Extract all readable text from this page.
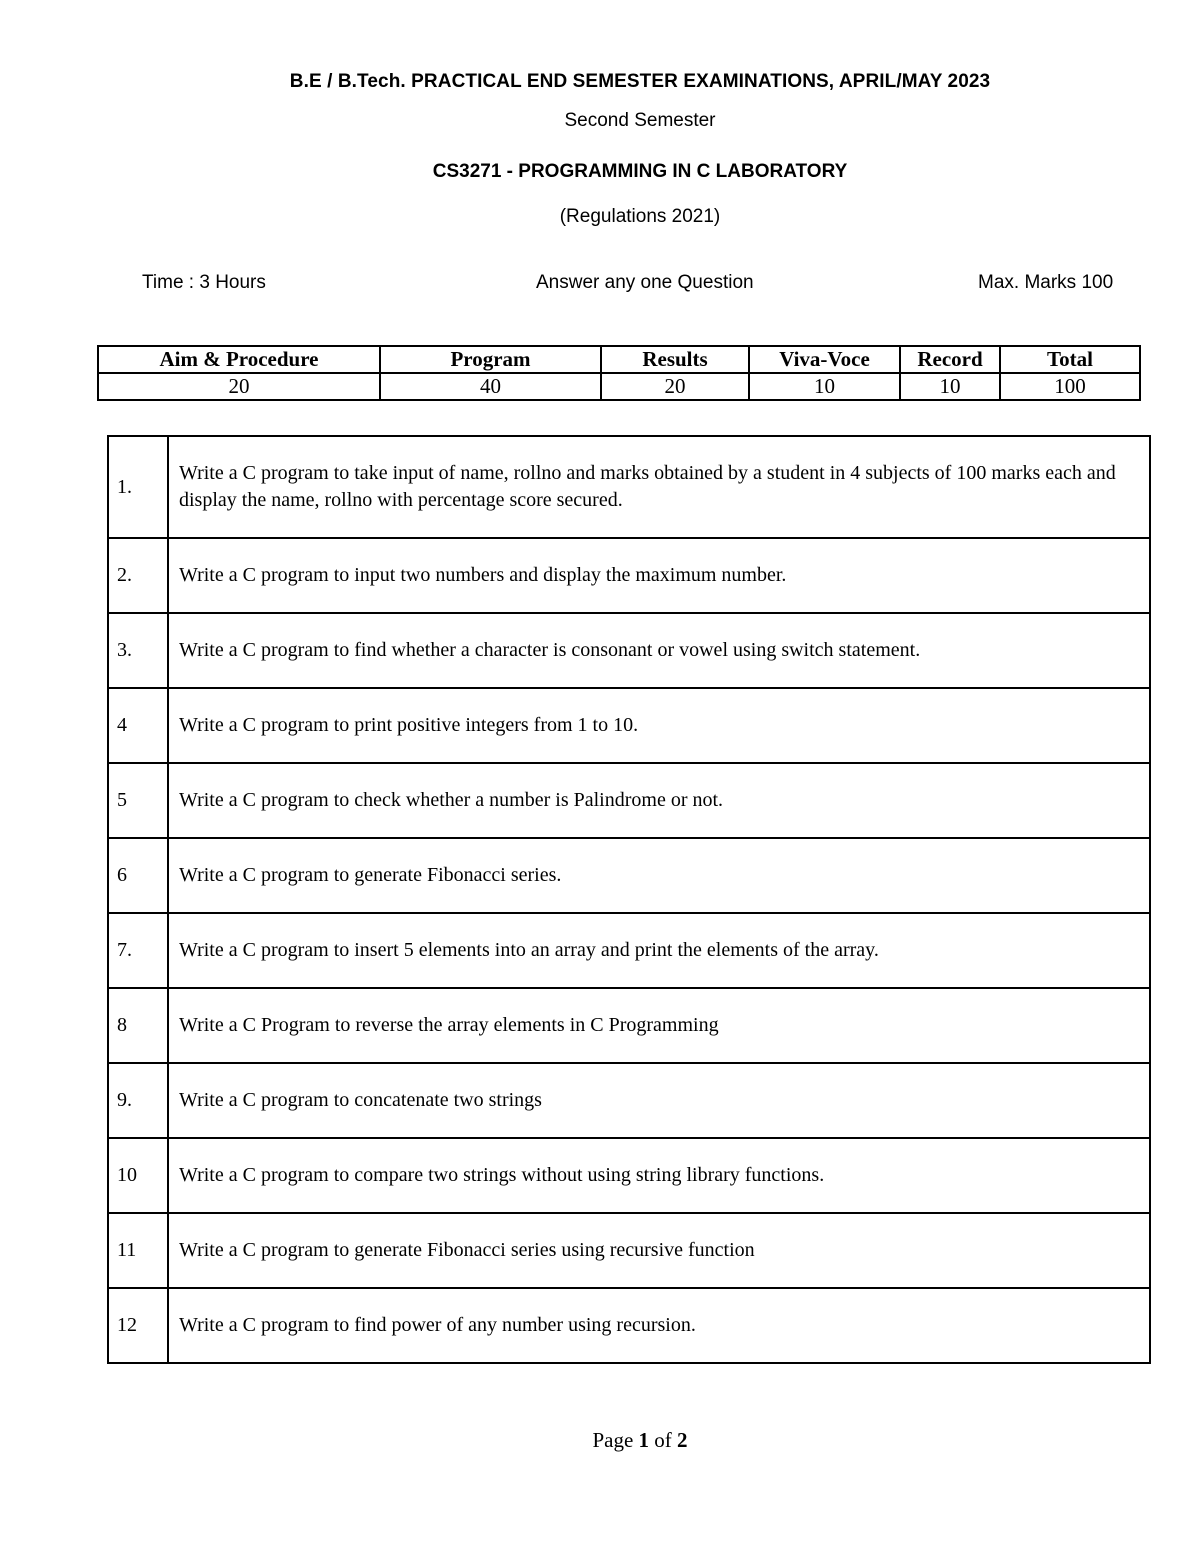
B.E / B.Tech. PRACTICAL END SEMESTER EXAMINATIONS, APRIL/MAY 2023

Second Semester

CS3271 - PROGRAMMING IN C LABORATORY

(Regulations 2021)

Time : 3 Hours	Answer any one Question	Max. Marks 100
Aim & Procedure	Program	Results	Viva-Voce	Record	Total
20	40	20	10	10	100
1.	Write a C program to take input of name, rollno and marks obtained by a student in 4 subjects of 100 marks each and display the name, rollno with percentage score secured.
2.	Write a C program to input two numbers and display the maximum number.
3.	Write a C program to find whether a character is consonant or vowel using switch statement.
4	Write a C program to print positive integers from 1 to 10.
5	Write a C program to check whether a number is Palindrome or not.
6	Write a C program to generate Fibonacci series.
7.	Write a C program to insert 5 elements into an array and print the elements of the array.
8	Write a C Program to reverse the array elements in C Programming
9.	Write a C program to concatenate two strings
10	Write a C program to compare two strings without using string library functions.
11	Write a C program to generate Fibonacci series using recursive function
12	Write a C program to find power of any number using recursion.

Page 1 of 2
